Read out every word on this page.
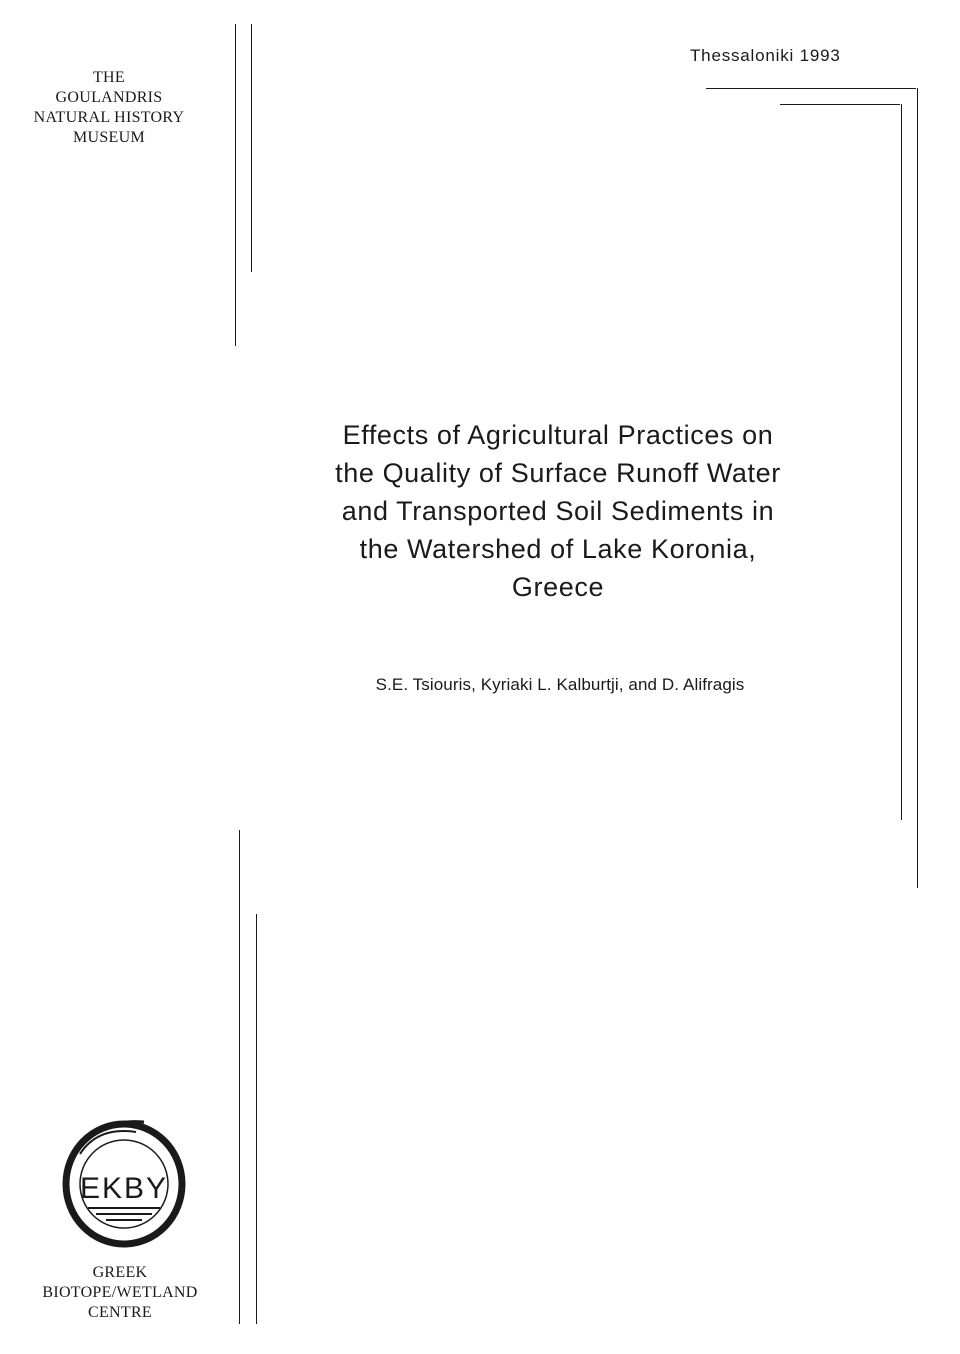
THE
GOULANDRIS
NATURAL HISTORY
MUSEUM
Thessaloniki 1993
Effects of Agricultural Practices on
the Quality of Surface Runoff Water
and Transported Soil Sediments in
the Watershed of Lake Koronia,
Greece
S.E. Tsiouris, Kyriaki L. Kalburtji, and D. Alifragis
EKBY
GREEK
BIOTOPE/WETLAND
CENTRE
